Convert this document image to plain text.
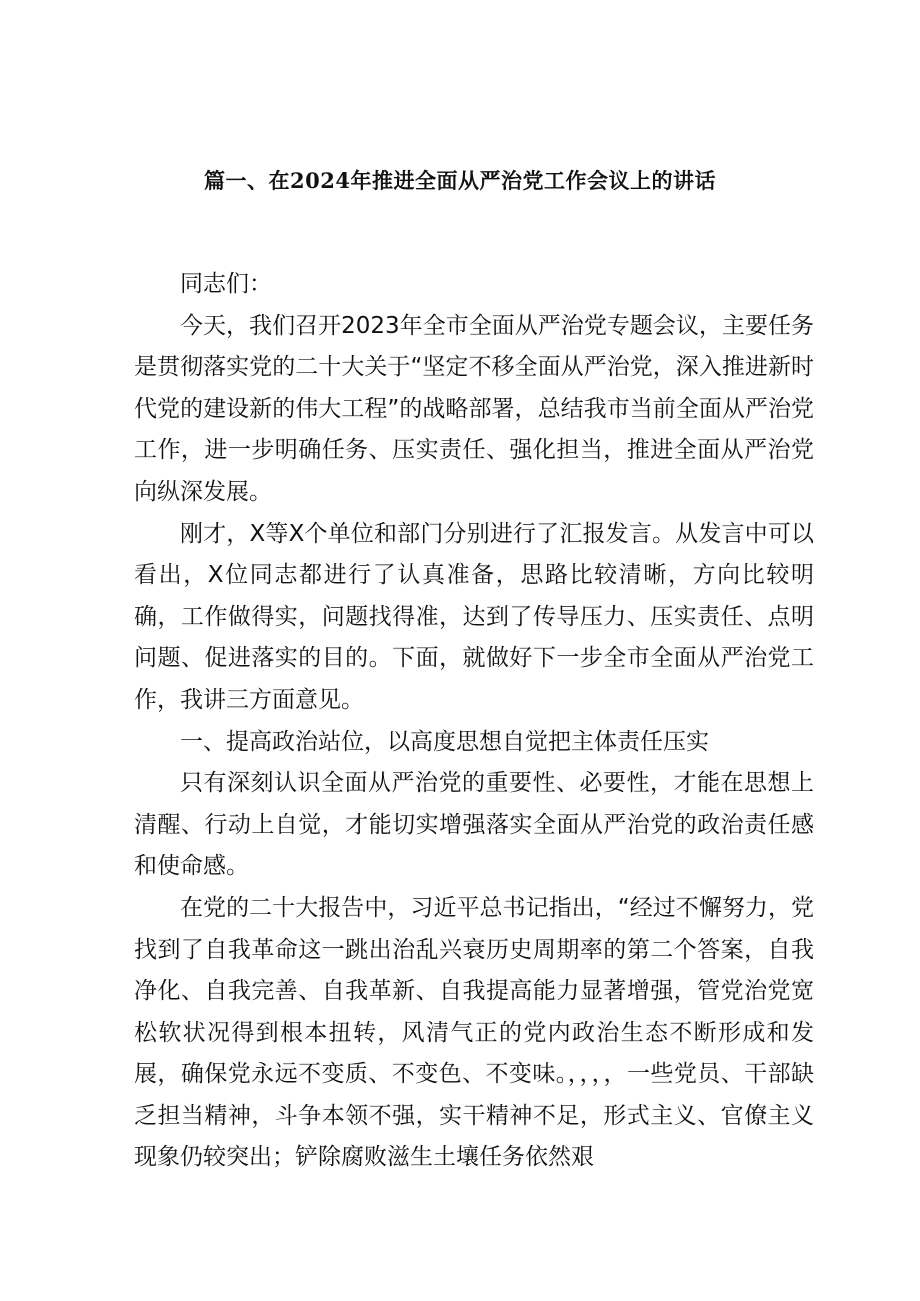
篇一、在2024年推进全面从严治党工作会议上的讲话

同志们：

今天，我们召开2023年全市全面从严治党专题会议，主要任务是贯彻落实党的二十大关于“坚定不移全面从严治党，深入推进新时代党的建设新的伟大工程”的战略部署，总结我市当前全面从严治党工作，进一步明确任务、压实责任、强化担当，推进全面从严治党向纵深发展。

刚才，X等X个单位和部门分别进行了汇报发言。从发言中可以看出，X位同志都进行了认真准备，思路比较清晰，方向比较明确，工作做得实，问题找得准，达到了传导压力、压实责任、点明问题、促进落实的目的。下面，就做好下一步全市全面从严治党工作，我讲三方面意见。

一、提高政治站位，以高度思想自觉把主体责任压实

只有深刻认识全面从严治党的重要性、必要性，才能在思想上清醒、行动上自觉，才能切实增强落实全面从严治党的政治责任感和使命感。

在党的二十大报告中，习近平总书记指出，“经过不懈努力，党找到了自我革命这一跳出治乱兴衰历史周期率的第二个答案，自我净化、自我完善、自我革新、自我提高能力显著增强，管党治党宽松软状况得到根本扭转，风清气正的党内政治生态不断形成和发展，确保党永远不变质、不变色、不变味。，，，，一些党员、干部缺乏担当精神，斗争本领不强，实干精神不足，形式主义、官僚主义现象仍较突出；铲除腐败滋生土壤任务依然艰
